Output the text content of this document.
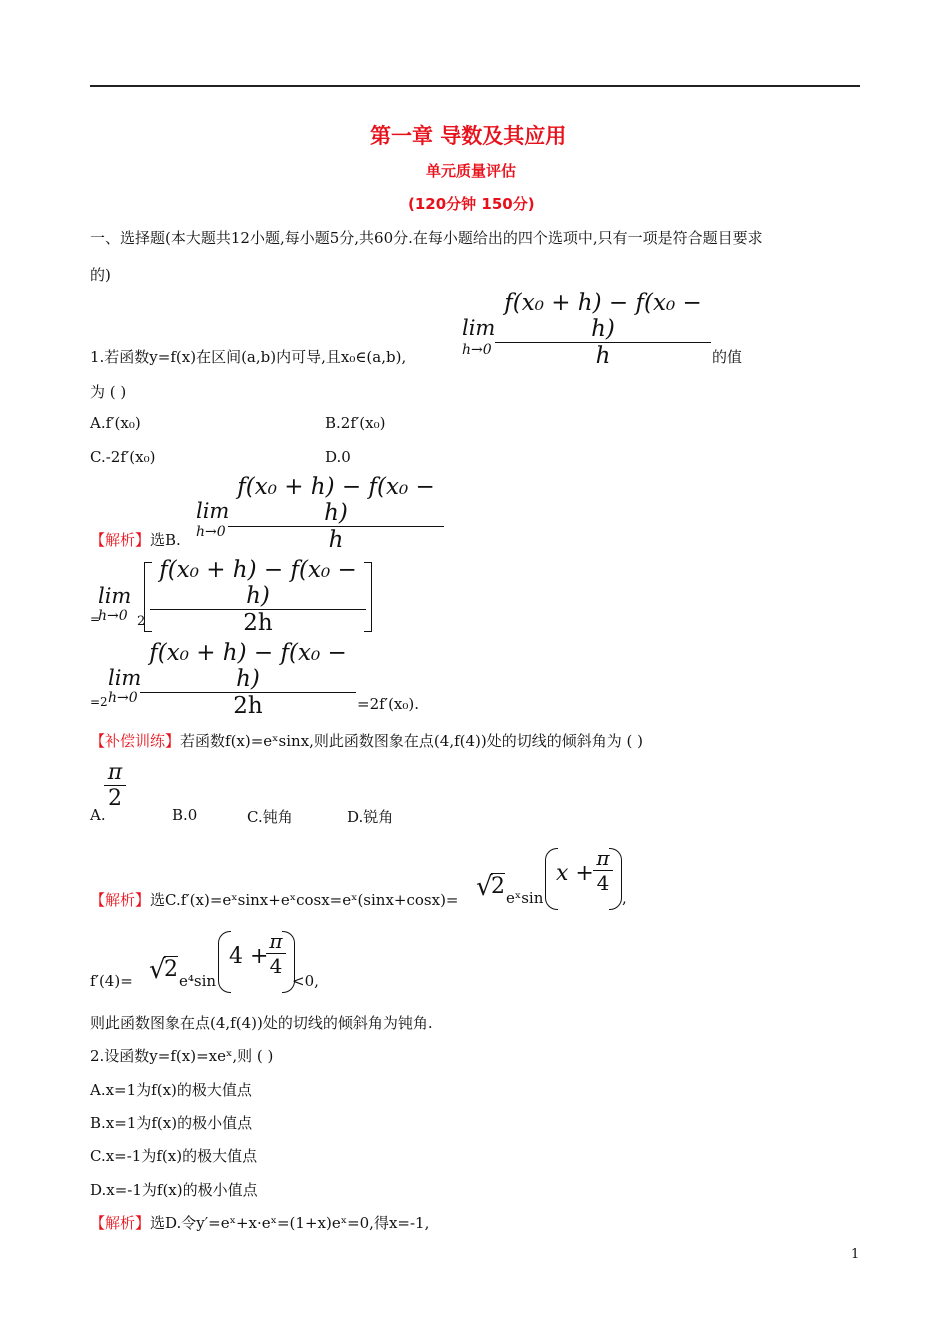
第一章 导数及其应用
单元质量评估
(120分钟 150分)
一、选择题(本大题共12小题,每小题5分,共60分.在每小题给出的四个选项中,只有一项是符合题目要求
的)
1.若函数y=f(x)在区间(a,b)内可导,且x₀∈(a,b),
lim
h→0
f(x₀ + h) − f(x₀ − h)
h	的值
为 ( )
A.f′(x₀)	B.2f′(x₀)
C.-2f′(x₀)	D.0
【解析】选B.
lim
h→0
f(x₀ + h) − f(x₀ − h)
h
lim
=
h→0 2
f(x₀ + h) − f(x₀ − h)
2h
lim
=2 h→0
f(x₀ + h) − f(x₀ − h)
2h	=2f′(x₀).
【补偿训练】若函数f(x)=eˣsinx,则此函数图象在点(4,f(4))处的切线的倾斜角为 ( )
A.
π
2
B.0	C.钝角	D.锐角
【解析】选C.f′(x)=eˣsinx+eˣcosx=eˣ(sinx+cosx)= √
2 eˣsin
x +
π
4
,
f′(4)= √
2 e⁴sin
4 +
π
4
<0,
则此函数图象在点(4,f(4))处的切线的倾斜角为钝角.
2.设函数y=f(x)=xeˣ,则 ( )
A.x=1为f(x)的极大值点
B.x=1为f(x)的极小值点
C.x=-1为f(x)的极大值点
D.x=-1为f(x)的极小值点
【解析】选D.令y′=eˣ+x·eˣ=(1+x)eˣ=0,得x=-1,
1
